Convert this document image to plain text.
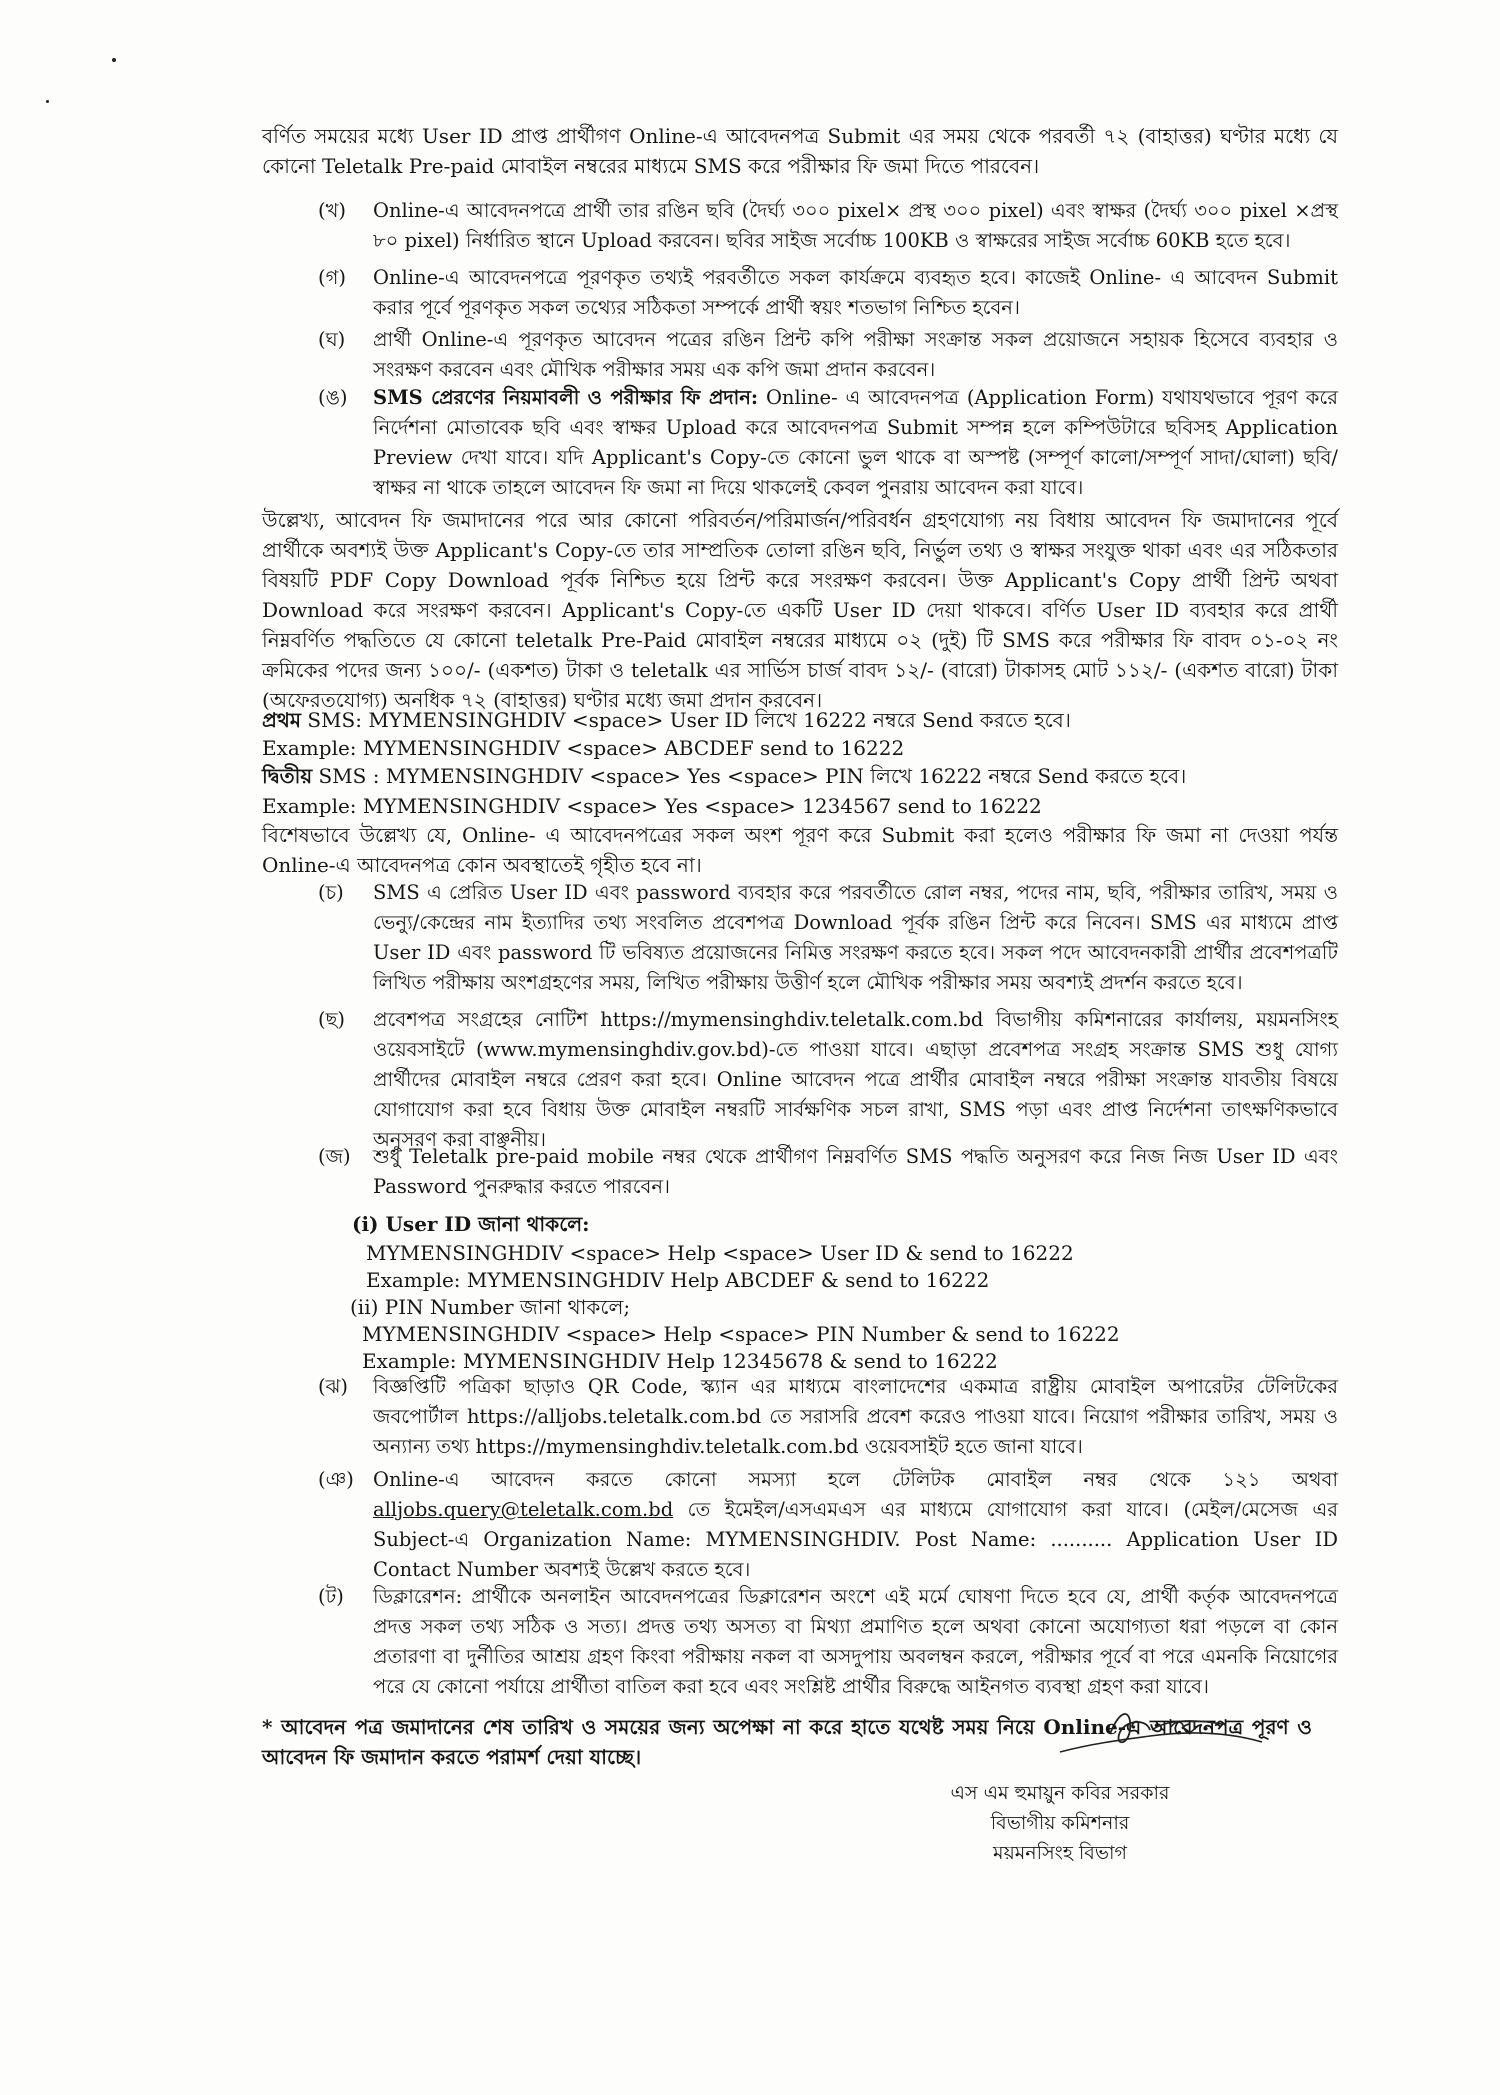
বর্ণিত সময়ের মধ্যে User ID প্রাপ্ত প্রার্থীগণ Online-এ আবেদনপত্র Submit এর সময় থেকে পরবর্তী ৭২ (বাহাত্তর) ঘণ্টার মধ্যে যে কোনো Teletalk Pre-paid মোবাইল নম্বরের মাধ্যমে SMS করে পরীক্ষার ফি জমা দিতে পারবেন।
(খ)	Online-এ আবেদনপত্রে প্রার্থী তার রঙিন ছবি (দৈর্ঘ্য ৩০০ pixel× প্রস্থ ৩০০ pixel) এবং স্বাক্ষর (দৈর্ঘ্য ৩০০ pixel ×প্রস্থ ৮০ pixel) নির্ধারিত স্থানে Upload করবেন। ছবির সাইজ সর্বোচ্চ 100KB ও স্বাক্ষরের সাইজ সর্বোচ্চ 60KB হতে হবে।
(গ)	Online-এ আবেদনপত্রে পূরণকৃত তথ্যই পরবর্তীতে সকল কার্যক্রমে ব্যবহৃত হবে। কাজেই Online- এ আবেদন Submit করার পূর্বে পূরণকৃত সকল তথ্যের সঠিকতা সম্পর্কে প্রার্থী স্বয়ং শতভাগ নিশ্চিত হবেন।
(ঘ)	প্রার্থী Online-এ পূরণকৃত আবেদন পত্রের রঙিন প্রিন্ট কপি পরীক্ষা সংক্রান্ত সকল প্রয়োজনে সহায়ক হিসেবে ব্যবহার ও সংরক্ষণ করবেন এবং মৌখিক পরীক্ষার সময় এক কপি জমা প্রদান করবেন।
(ঙ)	SMS প্রেরণের নিয়মাবলী ও পরীক্ষার ফি প্রদান: Online- এ আবেদনপত্র (Application Form) যথাযথভাবে পূরণ করে নির্দেশনা মোতাবেক ছবি এবং স্বাক্ষর Upload করে আবেদনপত্র Submit সম্পন্ন হলে কম্পিউটারে ছবিসহ Application Preview দেখা যাবে। যদি Applicant's Copy-তে কোনো ভুল থাকে বা অস্পষ্ট (সম্পূর্ণ কালো/সম্পূর্ণ সাদা/ঘোলা) ছবি/স্বাক্ষর না থাকে তাহলে আবেদন ফি জমা না দিয়ে থাকলেই কেবল পুনরায় আবেদন করা যাবে।
উল্লেখ্য, আবেদন ফি জমাদানের পরে আর কোনো পরিবর্তন/পরিমার্জন/পরিবর্ধন গ্রহণযোগ্য নয় বিধায় আবেদন ফি জমাদানের পূর্বে প্রার্থীকে অবশ্যই উক্ত Applicant's Copy-তে তার সাম্প্রতিক তোলা রঙিন ছবি, নির্ভুল তথ্য ও স্বাক্ষর সংযুক্ত থাকা এবং এর সঠিকতার বিষয়টি PDF Copy Download পূর্বক নিশ্চিত হয়ে প্রিন্ট করে সংরক্ষণ করবেন। উক্ত Applicant's Copy প্রার্থী প্রিন্ট অথবা Download করে সংরক্ষণ করবেন। Applicant's Copy-তে একটি User ID দেয়া থাকবে। বর্ণিত User ID ব্যবহার করে প্রার্থী নিম্নবর্ণিত পদ্ধতিতে যে কোনো teletalk Pre-Paid মোবাইল নম্বরের মাধ্যমে ০২ (দুই) টি SMS করে পরীক্ষার ফি বাবদ ০১-০২ নং ক্রমিকের পদের জন্য ১০০/- (একশত) টাকা ও teletalk এর সার্ভিস চার্জ বাবদ ১২/- (বারো) টাকাসহ মোট ১১২/- (একশত বারো) টাকা (অফেরতযোগ্য) অনধিক ৭২ (বাহাত্তর) ঘণ্টার মধ্যে জমা প্রদান করবেন।
প্রথম SMS: MYMENSINGHDIV <space> User ID লিখে 16222 নম্বরে Send করতে হবে।
Example: MYMENSINGHDIV <space> ABCDEF send to 16222
দ্বিতীয় SMS : MYMENSINGHDIV <space> Yes <space> PIN লিখে 16222 নম্বরে Send করতে হবে।
Example: MYMENSINGHDIV <space> Yes <space> 1234567 send to 16222
বিশেষভাবে উল্লেখ্য যে, Online- এ আবেদনপত্রের সকল অংশ পূরণ করে Submit করা হলেও পরীক্ষার ফি জমা না দেওয়া পর্যন্ত Online-এ আবেদনপত্র কোন অবস্থাতেই গৃহীত হবে না।
(চ)	SMS এ প্রেরিত User ID এবং password ব্যবহার করে পরবর্তীতে রোল নম্বর, পদের নাম, ছবি, পরীক্ষার তারিখ, সময় ও ভেন্যু/কেন্দ্রের নাম ইত্যাদির তথ্য সংবলিত প্রবেশপত্র Download পূর্বক রঙিন প্রিন্ট করে নিবেন। SMS এর মাধ্যমে প্রাপ্ত User ID এবং password টি ভবিষ্যত প্রয়োজনের নিমিত্ত সংরক্ষণ করতে হবে। সকল পদে আবেদনকারী প্রার্থীর প্রবেশপত্রটি লিখিত পরীক্ষায় অংশগ্রহণের সময়, লিখিত পরীক্ষায় উত্তীর্ণ হলে মৌখিক পরীক্ষার সময় অবশ্যই প্রদর্শন করতে হবে।
(ছ)	প্রবেশপত্র সংগ্রহের নোটিশ https://mymensinghdiv.teletalk.com.bd বিভাগীয় কমিশনারের কার্যালয়, ময়মনসিংহ ওয়েবসাইটে (www.mymensinghdiv.gov.bd)-তে পাওয়া যাবে। এছাড়া প্রবেশপত্র সংগ্রহ সংক্রান্ত SMS শুধু যোগ্য প্রার্থীদের মোবাইল নম্বরে প্রেরণ করা হবে। Online আবেদন পত্রে প্রার্থীর মোবাইল নম্বরে পরীক্ষা সংক্রান্ত যাবতীয় বিষয়ে যোগাযোগ করা হবে বিধায় উক্ত মোবাইল নম্বরটি সার্বক্ষণিক সচল রাখা, SMS পড়া এবং প্রাপ্ত নির্দেশনা তাৎক্ষণিকভাবে অনুসরণ করা বাঞ্ছনীয়।
(জ)	শুধু Teletalk pre-paid mobile নম্বর থেকে প্রার্থীগণ নিম্নবর্ণিত SMS পদ্ধতি অনুসরণ করে নিজ নিজ User ID এবং Password পুনরুদ্ধার করতে পারবেন।
(i) User ID জানা থাকলে:
MYMENSINGHDIV <space> Help <space> User ID & send to 16222
Example: MYMENSINGHDIV Help ABCDEF & send to 16222
(ii) PIN Number জানা থাকলে;
MYMENSINGHDIV <space> Help <space> PIN Number & send to 16222
Example: MYMENSINGHDIV Help 12345678 & send to 16222
(ঝ)	বিজ্ঞপ্তিটি পত্রিকা ছাড়াও QR Code, স্ক্যান এর মাধ্যমে বাংলাদেশের একমাত্র রাষ্ট্রীয় মোবাইল অপারেটর টেলিটকের জবপোর্টাল https://alljobs.teletalk.com.bd তে সরাসরি প্রবেশ করেও পাওয়া যাবে। নিয়োগ পরীক্ষার তারিখ, সময় ও অন্যান্য তথ্য https://mymensinghdiv.teletalk.com.bd ওয়েবসাইট হতে জানা যাবে।
(ঞ) Online-এ আবেদন করতে কোনো সমস্যা হলে টেলিটক মোবাইল নম্বর থেকে ১২১ অথবা alljobs.query@teletalk.com.bd তে ইমেইল/এসএমএস এর মাধ্যমে যোগাযোগ করা যাবে। (মেইল/মেসেজ এর Subject-এ Organization Name: MYMENSINGHDIV. Post Name: .......... Application User ID Contact Number অবশ্যই উল্লেখ করতে হবে।
(ট)	ডিক্লারেশন: প্রার্থীকে অনলাইন আবেদনপত্রের ডিক্লারেশন অংশে এই মর্মে ঘোষণা দিতে হবে যে, প্রার্থী কর্তৃক আবেদনপত্রে প্রদত্ত সকল তথ্য সঠিক ও সত্য। প্রদত্ত তথ্য অসত্য বা মিথ্যা প্রমাণিত হলে অথবা কোনো অযোগ্যতা ধরা পড়লে বা কোন প্রতারণা বা দুর্নীতির আশ্রয় গ্রহণ কিংবা পরীক্ষায় নকল বা অসদুপায় অবলম্বন করলে, পরীক্ষার পূর্বে বা পরে এমনকি নিয়োগের পরে যে কোনো পর্যায়ে প্রার্থীতা বাতিল করা হবে এবং সংশ্লিষ্ট প্রার্থীর বিরুদ্ধে আইনগত ব্যবস্থা গ্রহণ করা যাবে।
* আবেদন পত্র জমাদানের শেষ তারিখ ও সময়ের জন্য অপেক্ষা না করে হাতে যথেষ্ট সময় নিয়ে Online-এ আবেদনপত্র পূরণ ও আবেদন ফি জমাদান করতে পরামর্শ দেয়া যাচ্ছে।
এস এম হুমায়ুন কবির সরকার
বিভাগীয় কমিশনার
ময়মনসিংহ বিভাগ
